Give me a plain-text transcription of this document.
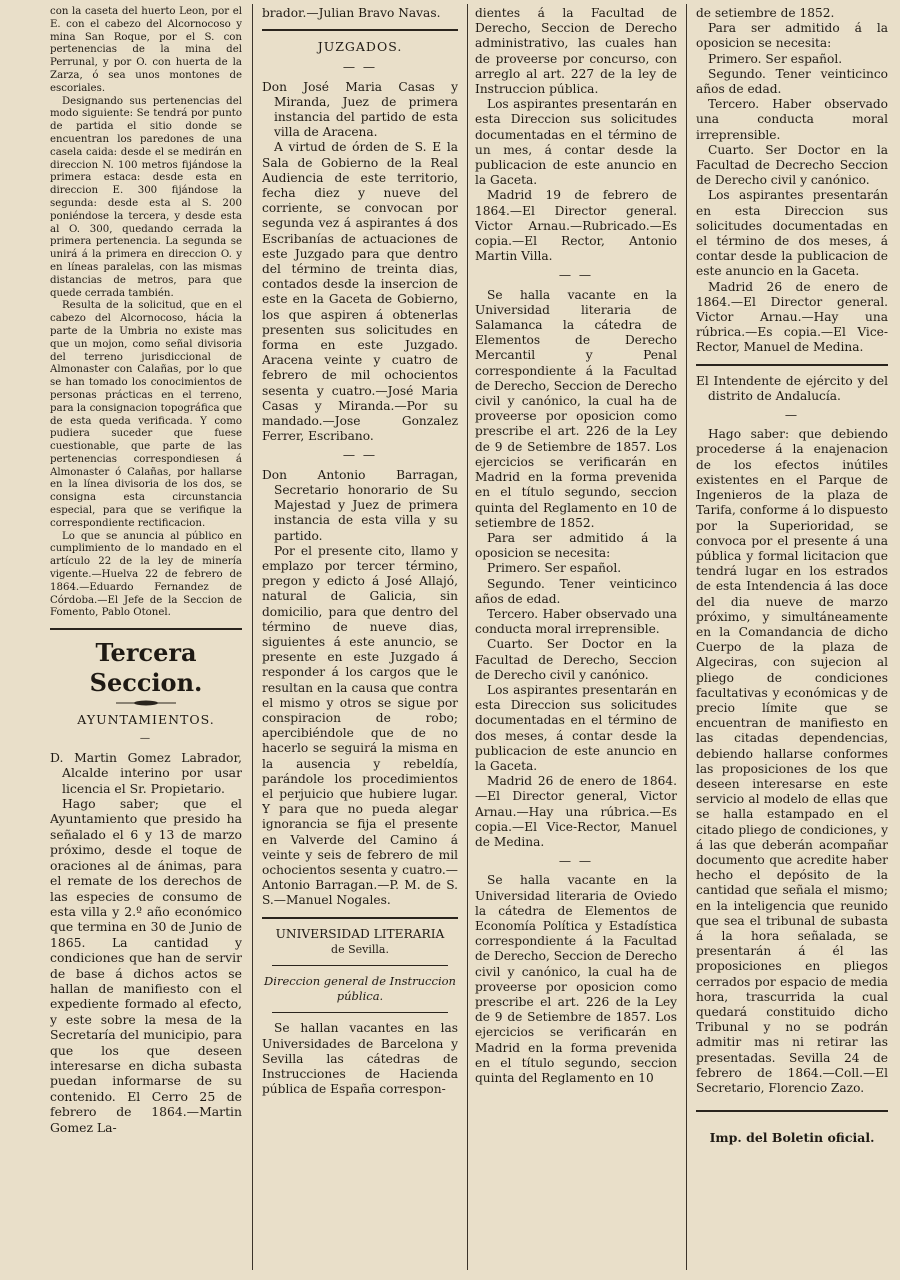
con la caseta del huerto Leon, por el E. con el cabezo del Alcornocoso y mina San Roque, por el S. con pertenencias de la mina del Perrunal, y por O. con huerta de la Zarza, ó sea unos montones de escoriales.

Designando sus pertenencias del modo siguiente: Se tendrá por punto de partida el sitio donde se encuentran los paredones de una casela caida: desde el se medirán en direccion N. 100 metros fijándose la primera estaca: desde esta en direccion E. 300 fijándose la segunda: desde esta al S. 200 poniéndose la tercera, y desde esta al O. 300, quedando cerrada la primera pertenencia. La segunda se unirá á la primera en direccion O. y en líneas paralelas, con las mismas distancias de metros, para que quede cerrada también.

Resulta de la solicitud, que en el cabezo del Alcornocoso, hácia la parte de la Umbria no existe mas que un mojon, como señal divisoria del terreno jurisdiccional de Almonaster con Calañas, por lo que se han tomado los conocimientos de personas prácticas en el terreno, para la consignacion topográfica que de esta queda verificada. Y como pudiera suceder que fuese cuestionable, que parte de las pertenencias correspondiesen á Almonaster ó Calañas, por hallarse en la línea divisoria de los dos, se consigna esta circunstancia especial, para que se verifique la correspondiente rectificacion.

Lo que se anuncia al público en cumplimiento de lo mandado en el artículo 22 de la ley de minería vigente.—Huelva 22 de febrero de 1864.—Eduardo Fernandez de Córdoba.—El Jefe de la Seccion de Fomento, Pablo Otonel.

Tercera Seccion.
AYUNTAMIENTOS.
—

D. Martin Gomez Labrador, Alcalde interino por usar licencia el Sr. Propietario.

Hago saber; que el Ayuntamiento que presido ha señalado el 6 y 13 de marzo próximo, desde el toque de oraciones al de ánimas, para el remate de los derechos de las especies de consumo de esta villa y 2.º año económico que termina en 30 de Junio de 1865. La cantidad y condiciones que han de servir de base á dichos actos se hallan de manifiesto con el expediente formado al efecto, y este sobre la mesa de la Secretaría del municipio, para que los que deseen interesarse en dicha subasta puedan informarse de su contenido. El Cerro 25 de febrero de 1864.—Martin Gomez La-

brador.—Julian Bravo Navas.

JUZGADOS.
— —

Don José Maria Casas y Miranda, Juez de primera instancia del partido de esta villa de Aracena.

A virtud de órden de S. E la Sala de Gobierno de la Real Audiencia de este territorio, fecha diez y nueve del corriente, se convocan por segunda vez á aspirantes á dos Escribanías de actuaciones de este Juzgado para que dentro del término de treinta dias, contados desde la insercion de este en la Gaceta de Gobierno, los que aspiren á obtenerlas presenten sus solicitudes en forma en este Juzgado. Aracena veinte y cuatro de febrero de mil ochocientos sesenta y cuatro.—José Maria Casas y Miranda.—Por su mandado.—Jose Gonzalez Ferrer, Escribano.

— —

Don Antonio Barragan, Secretario honorario de Su Majestad y Juez de primera instancia de esta villa y su partido.

Por el presente cito, llamo y emplazo por tercer término, pregon y edicto á José Allajó, natural de Galicia, sin domicilio, para que dentro del término de nueve dias, siguientes á este anuncio, se presente en este Juzgado á responder á los cargos que le resultan en la causa que contra el mismo y otros se sigue por conspiracion de robo; apercibiéndole que de no hacerlo se seguirá la misma en la ausencia y rebeldía, parándole los procedimientos el perjuicio que hubiere lugar. Y para que no pueda alegar ignorancia se fija el presente en Valverde del Camino á veinte y seis de febrero de mil ochocientos sesenta y cuatro.—Antonio Barragan.—P. M. de S. S.—Manuel Nogales.

UNIVERSIDAD LITERARIA
de Sevilla.
Direccion general de Instruccion pública.

Se hallan vacantes en las Universidades de Barcelona y Sevilla las cátedras de Instrucciones de Hacienda pública de España correspon-

dientes á la Facultad de Derecho, Seccion de Derecho administrativo, las cuales han de proveerse por concurso, con arreglo al art. 227 de la ley de Instruccion pública.

Los aspirantes presentarán en esta Direccion sus solicitudes documentadas en el término de un mes, á contar desde la publicacion de este anuncio en la Gaceta.

Madrid 19 de febrero de 1864.—El Director general. Victor Arnau.—Rubricado.—Es copia.—El Rector, Antonio Martin Villa.

— —

Se halla vacante en la Universidad literaria de Salamanca la cátedra de Elementos de Derecho Mercantil y Penal correspondiente á la Facultad de Derecho, Seccion de Derecho civil y canónico, la cual ha de proveerse por oposicion como prescribe el art. 226 de la Ley de 9 de Setiembre de 1857. Los ejercicios se verificarán en Madrid en la forma prevenida en el título segundo, seccion quinta del Reglamento en 10 de setiembre de 1852.

Para ser admitido á la oposicion se necesita:

Primero. Ser español.

Segundo. Tener veinticinco años de edad.

Tercero. Haber observado una conducta moral irreprensible.

Cuarto. Ser Doctor en la Facultad de Derecho, Seccion de Derecho civil y canónico.

Los aspirantes presentarán en esta Direccion sus solicitudes documentadas en el término de dos meses, á contar desde la publicacion de este anuncio en la Gaceta.

Madrid 26 de enero de 1864.—El Director general, Victor Arnau.—Hay una rúbrica.—Es copia.—El Vice-Rector, Manuel de Medina.

— —

Se halla vacante en la Universidad literaria de Oviedo la cátedra de Elementos de Economía Política y Estadística correspondiente á la Facultad de Derecho, Seccion de Derecho civil y canónico, la cual ha de proveerse por oposicion como prescribe el art. 226 de la Ley de 9 de Setiembre de 1857. Los ejercicios se verificarán en Madrid en la forma prevenida en el título segundo, seccion quinta del Reglamento en 10

de setiembre de 1852.

Para ser admitido á la oposicion se necesita:

Primero. Ser español.

Segundo. Tener veinticinco años de edad.

Tercero. Haber observado una conducta moral irreprensible.

Cuarto. Ser Doctor en la Facultad de Decrecho Seccion de Derecho civil y canónico.

Los aspirantes presentarán en esta Direccion sus solicitudes documentadas en el término de dos meses, á contar desde la publicacion de este anuncio en la Gaceta.

Madrid 26 de enero de 1864.—El Director general. Victor Arnau.—Hay una rúbrica.—Es copia.—El Vice-Rector, Manuel de Medina.

El Intendente de ejército y del distrito de Andalucía.

—

Hago saber: que debiendo procederse á la enajenacion de los efectos inútiles existentes en el Parque de Ingenieros de la plaza de Tarifa, conforme á lo dispuesto por la Superioridad, se convoca por el presente á una pública y formal licitacion que tendrá lugar en los estrados de esta Intendencia á las doce del dia nueve de marzo próximo, y simultáneamente en la Comandancia de dicho Cuerpo de la plaza de Algeciras, con sujecion al pliego de condiciones facultativas y económicas y de precio límite que se encuentran de manifiesto en las citadas dependencias, debiendo hallarse conformes las proposiciones de los que deseen interesarse en este servicio al modelo de ellas que se halla estampado en el citado pliego de condiciones, y á las que deberán acompañar documento que acredite haber hecho el depósito de la cantidad que señala el mismo; en la inteligencia que reunido que sea el tribunal de subasta á la hora señalada, se presentarán á él las proposiciones en pliegos cerrados por espacio de media hora, trascurrida la cual quedará constituido dicho Tribunal y no se podrán admitir mas ni retirar las presentadas. Sevilla 24 de febrero de 1864.—Coll.—El Secretario, Florencio Zazo.

Imp. del Boletin oficial.
